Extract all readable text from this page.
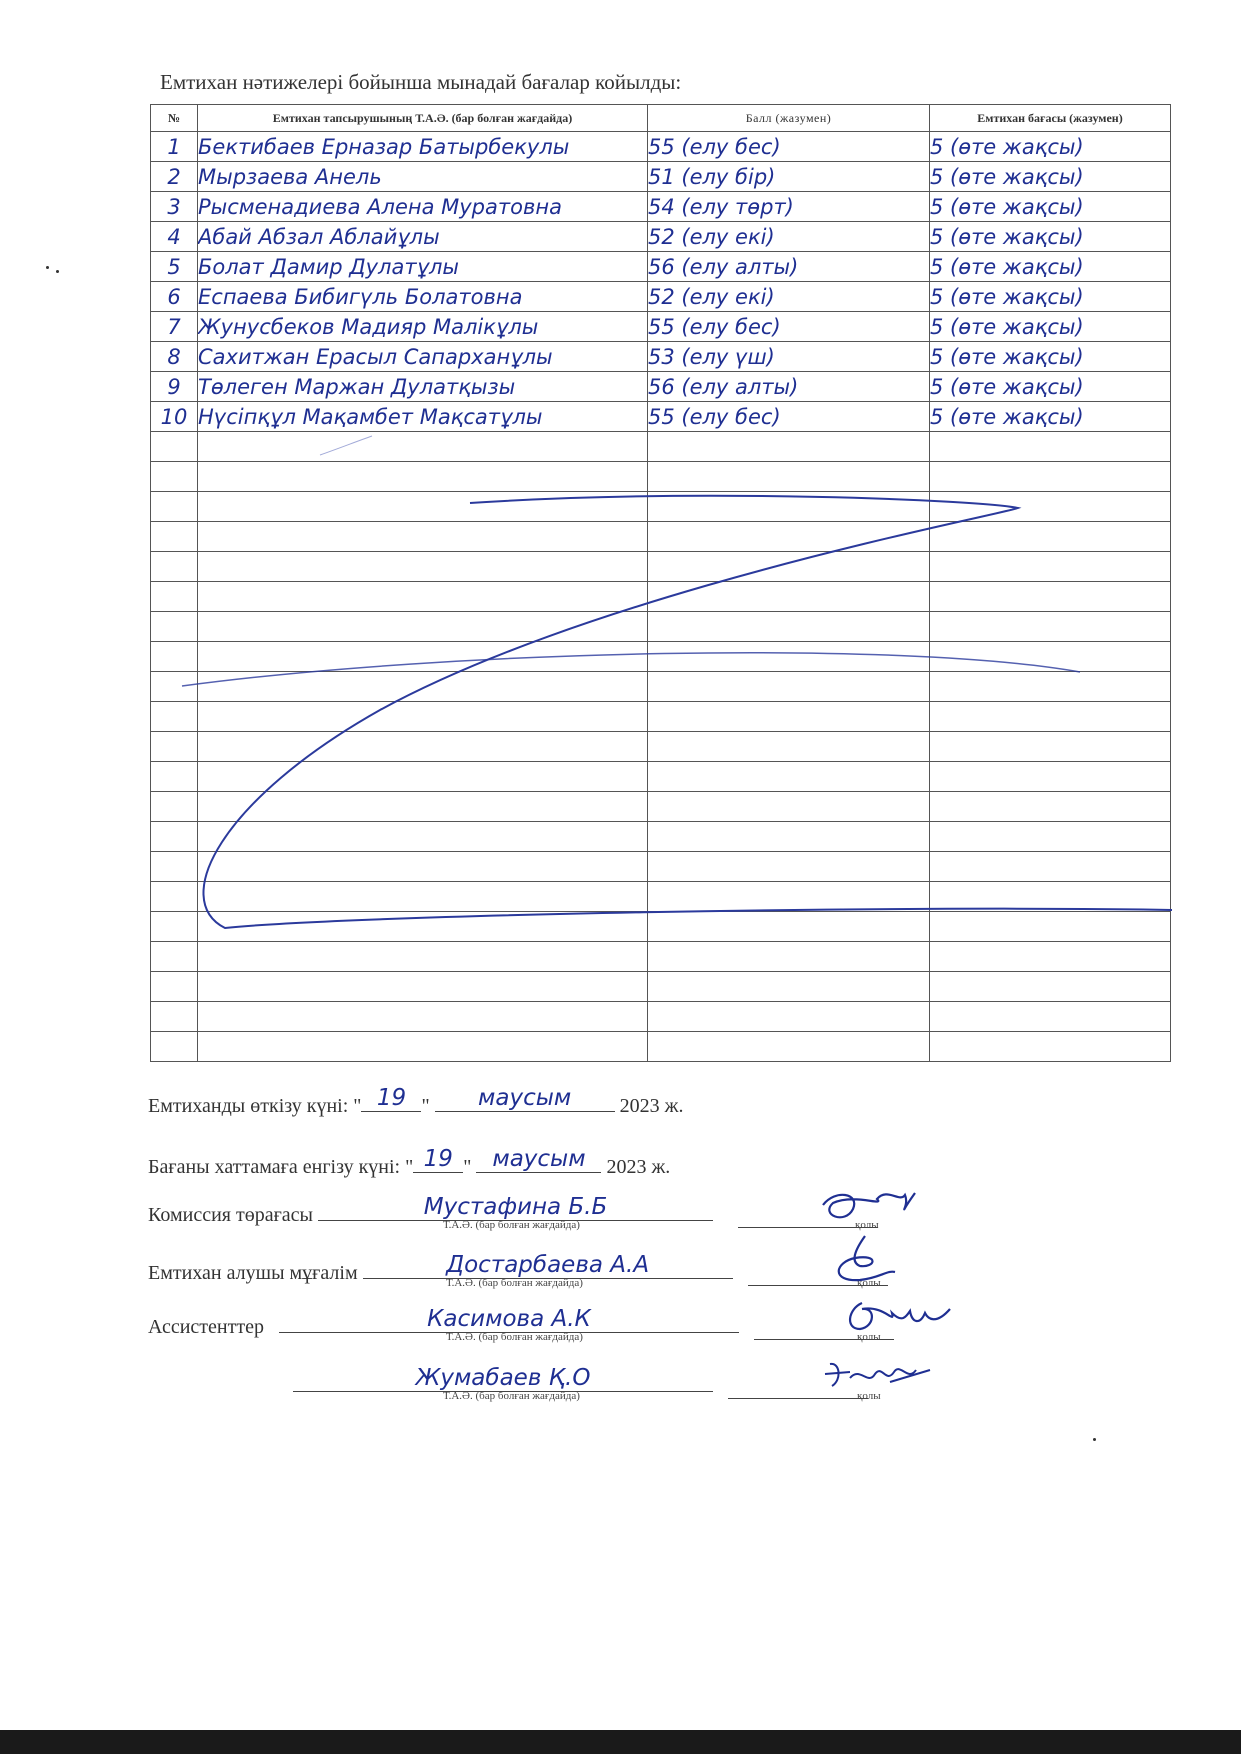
Емтихан нәтижелері бойынша мынадай бағалар койылды:
№	Емтихан тапсырушының Т.А.Ә. (бар болған жағдайда)	Балл (жазумен)	Емтихан бағасы (жазумен)
1	Бектибаев Ерназар Батырбекулы	55 (елу бес)	5 (өте жақсы)
2	Мырзаева Анель	51 (елу бір)	5 (өте жақсы)
3	Рысменадиева Алена Муратовна	54 (елу төрт)	5 (өте жақсы)
4	Абай Абзал Аблайұлы	52 (елу екі)	5 (өте жақсы)
5	Болат Дамир Дулатұлы	56 (елу алты)	5 (өте жақсы)
6	Еспаева Бибигүль Болатовна	52 (елу екі)	5 (өте жақсы)
7	Жунусбеков Мадияр Малікұлы	55 (елу бес)	5 (өте жақсы)
8	Сахитжан Ерасыл Сапарханұлы	53 (елу үш)	5 (өте жақсы)
9	Төлеген Маржан Дулатқызы	56 (елу алты)	5 (өте жақсы)
10	Нүсіпқұл Мақамбет Мақсатұлы	55 (елу бес)	5 (өте жақсы)

Емтиханды өткізу күні: " 19 " маусым 2023 ж.
Бағаны хаттамаға енгізу күні: " 19 " маусым 2023 ж.
Комиссия төрағасы	Мустафина Б.Б
Т.А.Ә. (бар болған жағдайда)	қолы
Емтихан алушы мұғалім	Достарбаева А.А
Т.А.Ә. (бар болған жағдайда)	қолы
Ассистенттер	Касимова А.К
Т.А.Ә. (бар болған жағдайда)	қолы
Жумабаев Қ.О
Т.А.Ә. (бар болған жағдайда)	қолы
